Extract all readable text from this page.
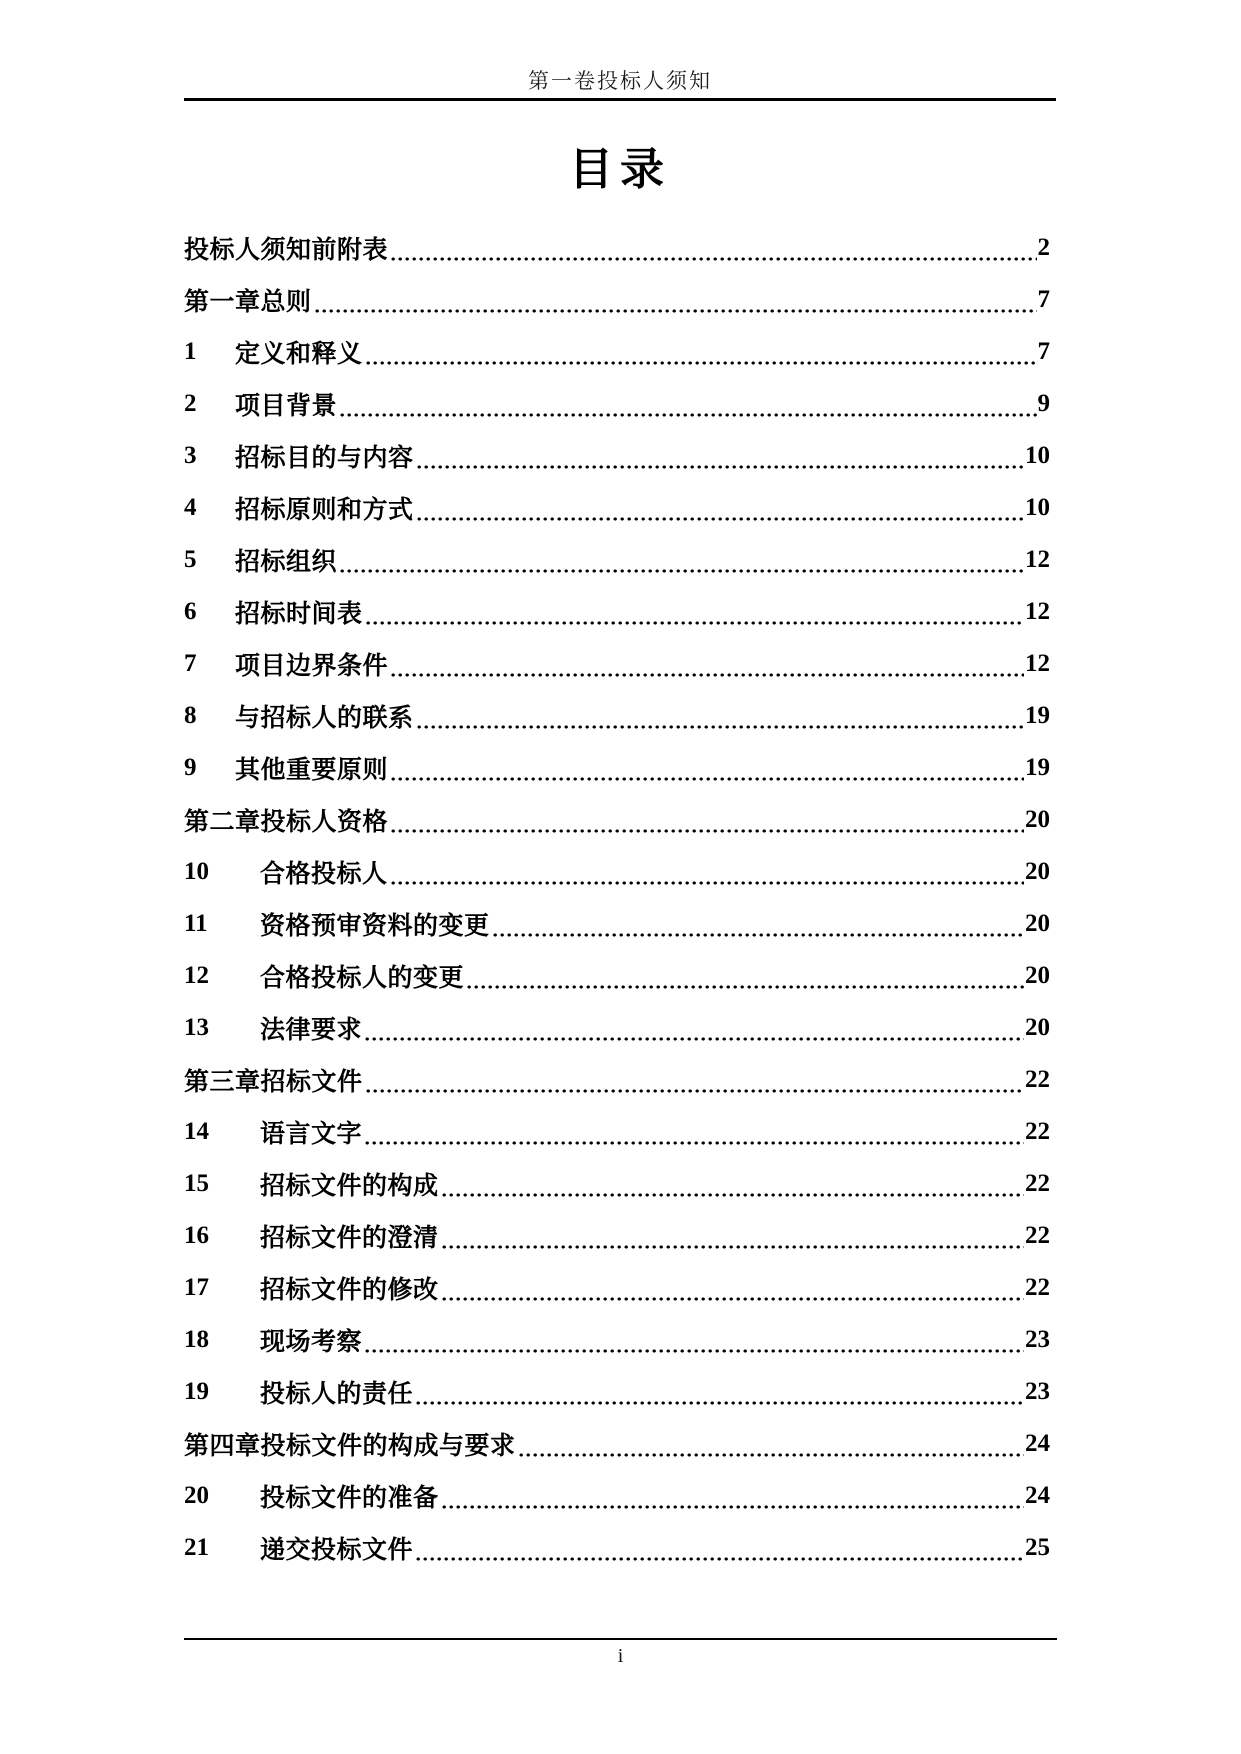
第一卷投标人须知
目录
投标人须知前附表	2
第一章总则	7
1	定义和释义	7
2	项目背景	9
3	招标目的与内容	10
4	招标原则和方式	10
5	招标组织	12
6	招标时间表	12
7	项目边界条件	12
8	与招标人的联系	19
9	其他重要原则	19
第二章投标人资格	20
10	合格投标人	20
11	资格预审资料的变更	20
12	合格投标人的变更	20
13	法律要求	20
第三章招标文件	22
14	语言文字	22
15	招标文件的构成	22
16	招标文件的澄清	22
17	招标文件的修改	22
18	现场考察	23
19	投标人的责任	23
第四章投标文件的构成与要求	24
20	投标文件的准备	24
21	递交投标文件	25
i
